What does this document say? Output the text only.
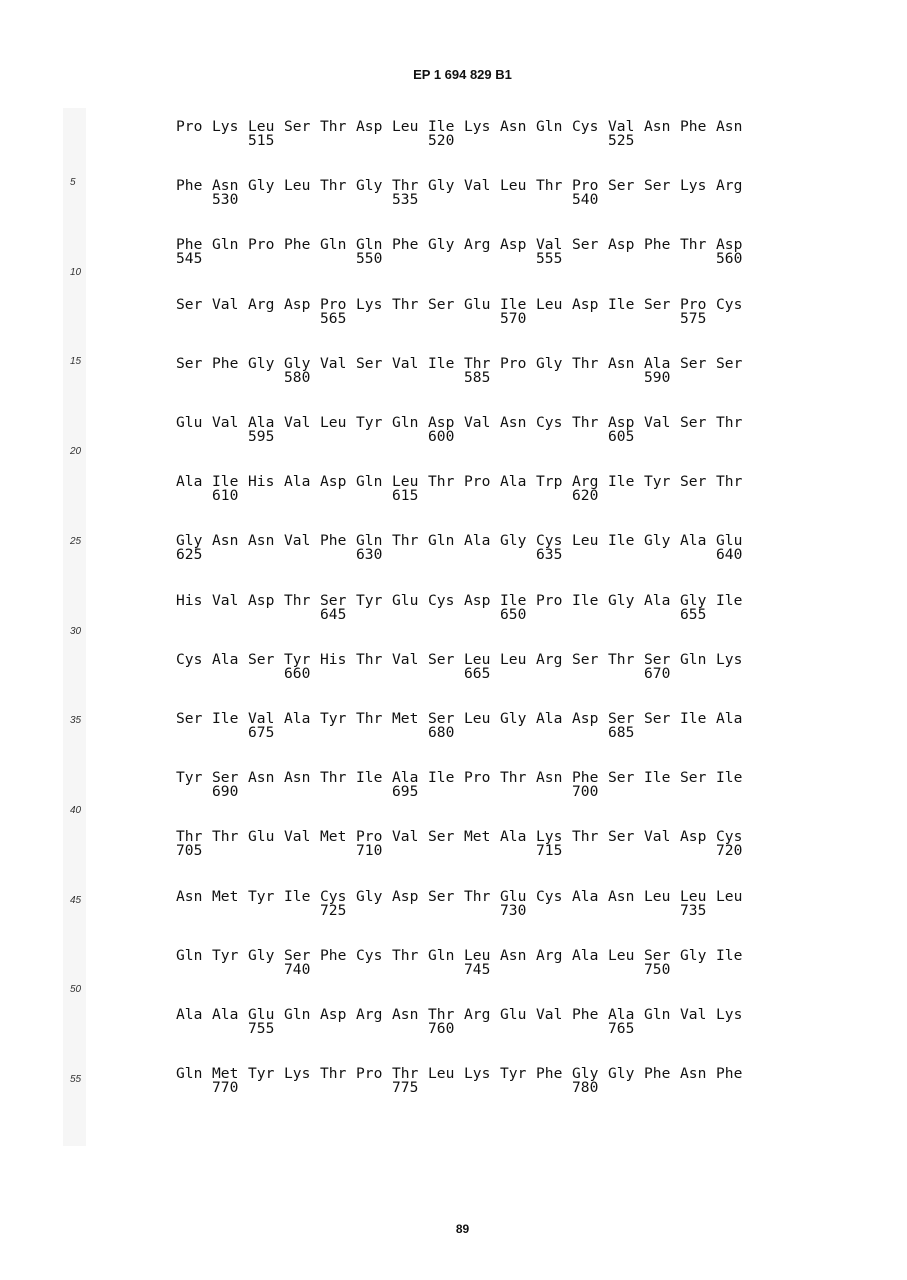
EP 1 694 829 B1
5
10
15
20
25
30
35
40
45
50
55
Pro Lys Leu Ser Thr Asp Leu Ile Lys Asn Gln Cys Val Asn Phe Asn
515	520	525
Phe Asn Gly Leu Thr Gly Thr Gly Val Leu Thr Pro Ser Ser Lys Arg
530	535	540
Phe Gln Pro Phe Gln Gln Phe Gly Arg Asp Val Ser Asp Phe Thr Asp
545	550	555	560
Ser Val Arg Asp Pro Lys Thr Ser Glu Ile Leu Asp Ile Ser Pro Cys
565	570	575
Ser Phe Gly Gly Val Ser Val Ile Thr Pro Gly Thr Asn Ala Ser Ser
580	585	590
Glu Val Ala Val Leu Tyr Gln Asp Val Asn Cys Thr Asp Val Ser Thr
595	600	605
Ala Ile His Ala Asp Gln Leu Thr Pro Ala Trp Arg Ile Tyr Ser Thr
610	615	620
Gly Asn Asn Val Phe Gln Thr Gln Ala Gly Cys Leu Ile Gly Ala Glu
625	630	635	640
His Val Asp Thr Ser Tyr Glu Cys Asp Ile Pro Ile Gly Ala Gly Ile
645	650	655
Cys Ala Ser Tyr His Thr Val Ser Leu Leu Arg Ser Thr Ser Gln Lys
660	665	670
Ser Ile Val Ala Tyr Thr Met Ser Leu Gly Ala Asp Ser Ser Ile Ala
675	680	685
Tyr Ser Asn Asn Thr Ile Ala Ile Pro Thr Asn Phe Ser Ile Ser Ile
690	695	700
Thr Thr Glu Val Met Pro Val Ser Met Ala Lys Thr Ser Val Asp Cys
705	710	715	720
Asn Met Tyr Ile Cys Gly Asp Ser Thr Glu Cys Ala Asn Leu Leu Leu
725	730	735
Gln Tyr Gly Ser Phe Cys Thr Gln Leu Asn Arg Ala Leu Ser Gly Ile
740	745	750
Ala Ala Glu Gln Asp Arg Asn Thr Arg Glu Val Phe Ala Gln Val Lys
755	760	765
Gln Met Tyr Lys Thr Pro Thr Leu Lys Tyr Phe Gly Gly Phe Asn Phe
770	775	780
89
